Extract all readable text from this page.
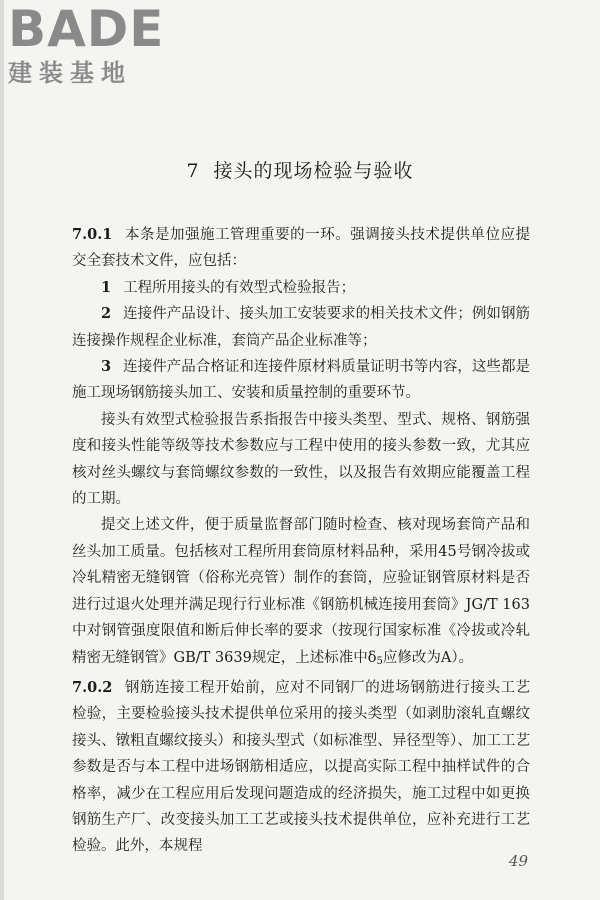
BADE
建装基地
7 接头的现场检验与验收

7.0.1 本条是加强施工管理重要的一环。强调接头技术提供单位应提交全套技术文件，应包括：

1 工程所用接头的有效型式检验报告；

2 连接件产品设计、接头加工安装要求的相关技术文件；例如钢筋连接操作规程企业标准，套筒产品企业标准等；

3 连接件产品合格证和连接件原材料质量证明书等内容，这些都是施工现场钢筋接头加工、安装和质量控制的重要环节。

接头有效型式检验报告系指报告中接头类型、型式、规格、钢筋强度和接头性能等级等技术参数应与工程中使用的接头参数一致，尤其应核对丝头螺纹与套筒螺纹参数的一致性，以及报告有效期应能覆盖工程的工期。

提交上述文件，便于质量监督部门随时检查、核对现场套筒产品和丝头加工质量。包括核对工程所用套筒原材料品种，采用45号钢冷拔或冷轧精密无缝钢管（俗称光亮管）制作的套筒，应验证钢管原材料是否进行过退火处理并满足现行行业标准《钢筋机械连接用套筒》JG/T 163中对钢管强度限值和断后伸长率的要求（按现行国家标准《冷拔或冷轧精密无缝钢管》GB/T 3639规定，上述标准中δ5应修改为A）。

7.0.2 钢筋连接工程开始前，应对不同钢厂的进场钢筋进行接头工艺检验，主要检验接头技术提供单位采用的接头类型（如剥肋滚轧直螺纹接头、镦粗直螺纹接头）和接头型式（如标准型、异径型等）、加工工艺参数是否与本工程中进场钢筋相适应，以提高实际工程中抽样试件的合格率，减少在工程应用后发现问题造成的经济损失，施工过程中如更换钢筋生产厂、改变接头加工工艺或接头技术提供单位，应补充进行工艺检验。此外，本规程

49
